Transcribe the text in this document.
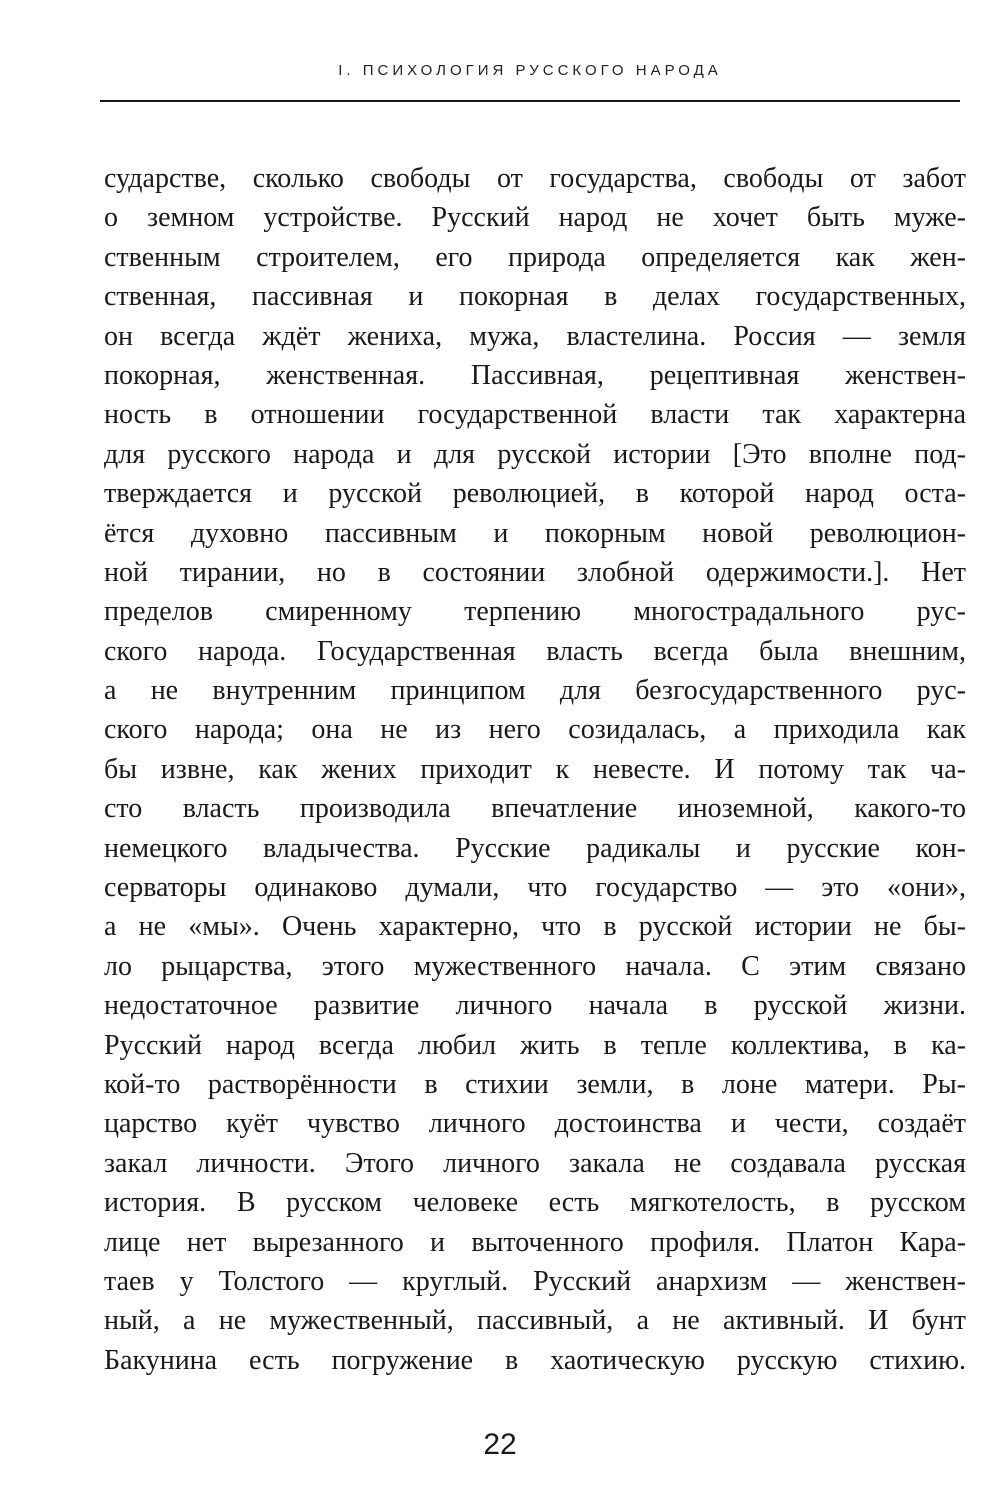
I. ПСИХОЛОГИЯ РУССКОГО НАРОДА
сударстве, сколько свободы от государства, свободы от забот
о земном устройстве. Русский народ не хочет быть муже-
ственным строителем, его природа определяется как жен-
ственная, пассивная и покорная в делах государственных,
он всегда ждёт жениха, мужа, властелина. Россия — земля
покорная, женственная. Пассивная, рецептивная женствен-
ность в отношении государственной власти так характерна
для русского народа и для русской истории [Это вполне под-
тверждается и русской революцией, в которой народ оста-
ётся духовно пассивным и покорным новой революцион-
ной тирании, но в состоянии злобной одержимости.]. Нет
пределов смиренному терпению многострадального рус-
ского народа. Государственная власть всегда была внешним,
а не внутренним принципом для безгосударственного рус-
ского народа; она не из него созидалась, а приходила как
бы извне, как жених приходит к невесте. И потому так ча-
сто власть производила впечатление иноземной, какого-то
немецкого владычества. Русские радикалы и русские кон-
серваторы одинаково думали, что государство — это «они»,
а не «мы». Очень характерно, что в русской истории не бы-
ло рыцарства, этого мужественного начала. С этим связано
недостаточное развитие личного начала в русской жизни.
Русский народ всегда любил жить в тепле коллектива, в ка-
кой-то растворённости в стихии земли, в лоне матери. Ры-
царство куёт чувство личного достоинства и чести, создаёт
закал личности. Этого личного закала не создавала русская
история. В русском человеке есть мягкотелость, в русском
лице нет вырезанного и выточенного профиля. Платон Кара-
таев у Толстого — круглый. Русский анархизм — женствен-
ный, а не мужественный, пассивный, а не активный. И бунт
Бакунина есть погружение в хаотическую русскую стихию.
22
